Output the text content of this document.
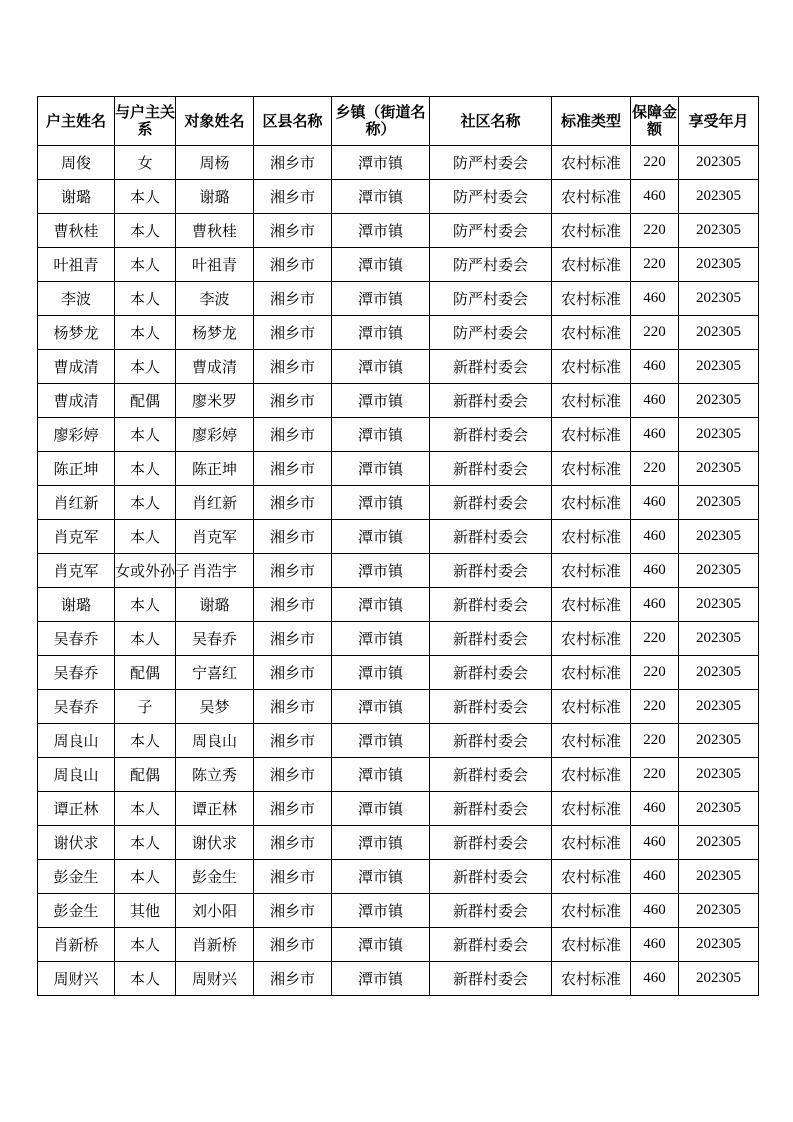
户主姓名	与户主关系	对象姓名	区县名称	乡镇（街道名称）	社区名称	标准类型	保障金额	享受年月
周俊	女	周杨	湘乡市	潭市镇	防严村委会	农村标准	220	202305
谢璐	本人	谢璐	湘乡市	潭市镇	防严村委会	农村标准	460	202305
曹秋桂	本人	曹秋桂	湘乡市	潭市镇	防严村委会	农村标准	220	202305
叶祖青	本人	叶祖青	湘乡市	潭市镇	防严村委会	农村标准	220	202305
李波	本人	李波	湘乡市	潭市镇	防严村委会	农村标准	460	202305
杨梦龙	本人	杨梦龙	湘乡市	潭市镇	防严村委会	农村标准	220	202305
曹成清	本人	曹成清	湘乡市	潭市镇	新群村委会	农村标准	460	202305
曹成清	配偶	廖米罗	湘乡市	潭市镇	新群村委会	农村标准	460	202305
廖彩婷	本人	廖彩婷	湘乡市	潭市镇	新群村委会	农村标准	460	202305
陈正坤	本人	陈正坤	湘乡市	潭市镇	新群村委会	农村标准	220	202305
肖红新	本人	肖红新	湘乡市	潭市镇	新群村委会	农村标准	460	202305
肖克军	本人	肖克军	湘乡市	潭市镇	新群村委会	农村标准	460	202305
肖克军	女或外孙子	肖浩宇	湘乡市	潭市镇	新群村委会	农村标准	460	202305
谢璐	本人	谢璐	湘乡市	潭市镇	新群村委会	农村标准	460	202305
吴春乔	本人	吴春乔	湘乡市	潭市镇	新群村委会	农村标准	220	202305
吴春乔	配偶	宁喜红	湘乡市	潭市镇	新群村委会	农村标准	220	202305
吴春乔	子	吴梦	湘乡市	潭市镇	新群村委会	农村标准	220	202305
周良山	本人	周良山	湘乡市	潭市镇	新群村委会	农村标准	220	202305
周良山	配偶	陈立秀	湘乡市	潭市镇	新群村委会	农村标准	220	202305
谭正林	本人	谭正林	湘乡市	潭市镇	新群村委会	农村标准	460	202305
谢伏求	本人	谢伏求	湘乡市	潭市镇	新群村委会	农村标准	460	202305
彭金生	本人	彭金生	湘乡市	潭市镇	新群村委会	农村标准	460	202305
彭金生	其他	刘小阳	湘乡市	潭市镇	新群村委会	农村标准	460	202305
肖新桥	本人	肖新桥	湘乡市	潭市镇	新群村委会	农村标准	460	202305
周财兴	本人	周财兴	湘乡市	潭市镇	新群村委会	农村标准	460	202305
